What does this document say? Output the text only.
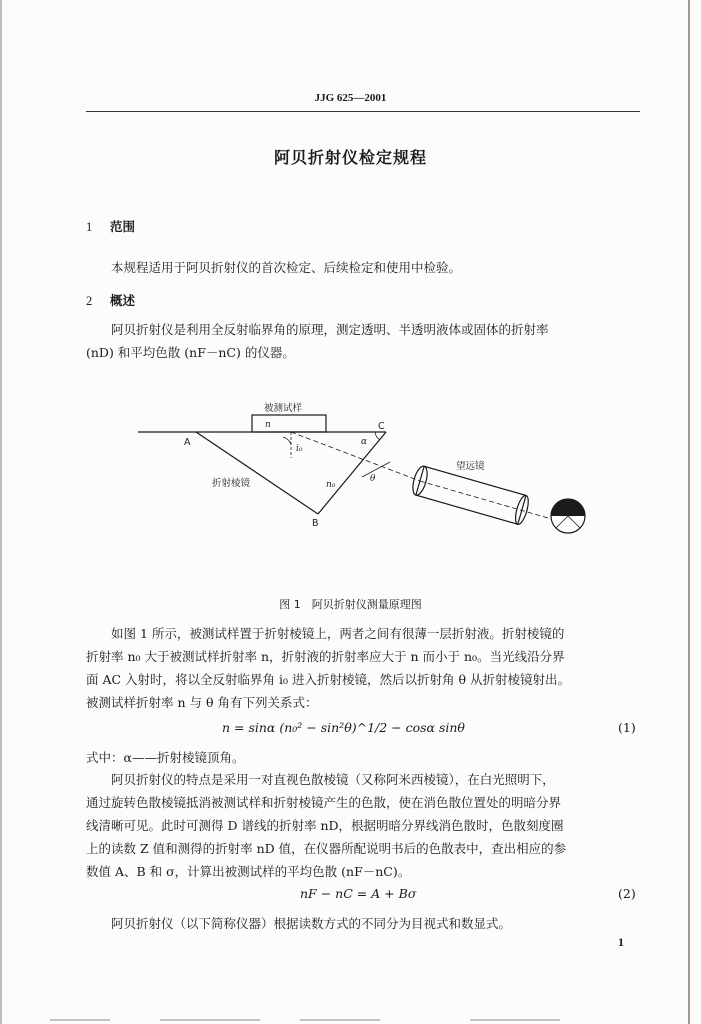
JJG 625—2001
阿贝折射仪检定规程
1 范围

本规程适用于阿贝折射仪的首次检定、后续检定和使用中检验。

2 概述

阿贝折射仪是利用全反射临界角的原理，测定透明、半透明液体或固体的折射率

(nD) 和平均色散 (nF－nC) 的仪器。

被测试样
n
A
C
B
i₀
α
n₀
θ
折射棱镜
望远镜
图 1　阿贝折射仪测量原理图

如图 1 所示，被测试样置于折射棱镜上，两者之间有很薄一层折射液。折射棱镜的

折射率 n₀ 大于被测试样折射率 n，折射液的折射率应大于 n 而小于 n₀。当光线沿分界

面 AC 入射时，将以全反射临界角 i₀ 进入折射棱镜，然后以折射角 θ 从折射棱镜射出。

被测试样折射率 n 与 θ 角有下列关系式：

n = sinα (n₀² − sin²θ)^1/2 − cosα sinθ	(1)

式中：α——折射棱镜顶角。

阿贝折射仪的特点是采用一对直视色散棱镜（又称阿米西棱镜），在白光照明下，

通过旋转色散棱镜抵消被测试样和折射棱镜产生的色散，使在消色散位置处的明暗分界

线清晰可见。此时可测得 D 谱线的折射率 nD，根据明暗分界线消色散时，色散刻度圈

上的读数 Z 值和测得的折射率 nD 值，在仪器所配说明书后的色散表中，查出相应的参

数值 A、B 和 σ，计算出被测试样的平均色散 (nF－nC)。

nF − nC = A + Bσ	(2)

阿贝折射仪（以下简称仪器）根据读数方式的不同分为目视式和数显式。

1
